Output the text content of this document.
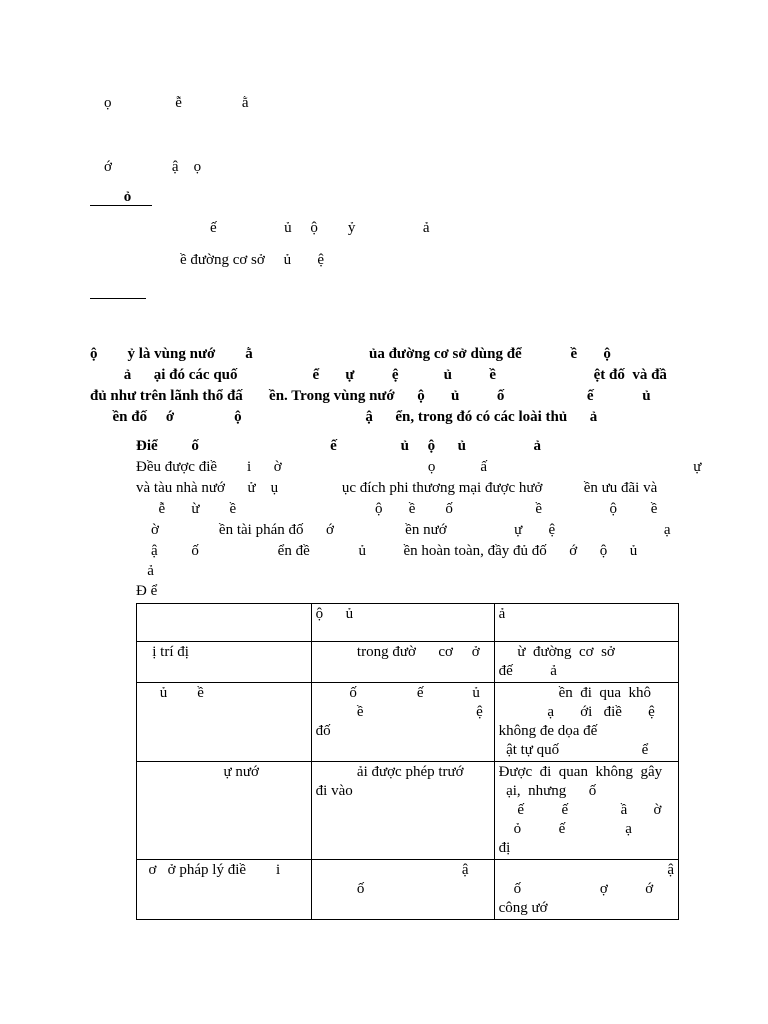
ọ                 ễ                ằ
ớ                ậ    ọ
ỏ
ế                  ủ     ộ        ỷ                  ả
ề đường cơ sở     ủ       ệ
ộ        ỷ là vùng nướ        ằ                               ủa đường cơ sở dùng để             ề       ộ
ả      ại đó các quố                    ể       ự          ệ            ủ          ề                          ệt đố  và đầ
đủ như trên lãnh thổ đấ       ền. Trong vùng nướ      ộ       ủ          ố                      ế             ủ
ền đố     ớ                ộ                                 ậ      ển, trong đó có các loài thủ      ả
Điể         ố                                   ế                 ủ     ộ      ủ                  ả
Đều được điề        i      ờ                                       ọ            ấ                                                       ự
và tàu nhà nướ      ử    ụ                 ục đích phi thương mại được hưở           ền ưu đãi và
ễ       ừ        ề                                     ộ       ề        ố                      ề                  ộ         ề
ờ                ền tài phán đố      ớ                   ền nướ                  ự       ệ                             ạ
ậ         ố                     ển đề             ủ          ền hoàn toàn, đầy đủ đố      ớ      ộ      ủ
ả
Đ ể
	ộ      ủ	ả
ị trí đị	trong đườ      cơ     ở	ừ  đường  cơ  sở
đế          ả
ủ        ề	ố                ế             ủ
ề                              ệ
đố	ền  đi  qua  khô
ạ       ới   điề       ệ
không đe dọa đế
ật tự quố                      ể
ự nướ	ải được phép trướ
đi vào	Được  đi  quan  không  gây
ại,  nhưng      ố
ế          ế              ầ       ờ
ỏ          ế                ạ
đị
ơ   ở pháp lý điề        i	ậ
ố	ậ
ố                     ợ          ớ
công ướ
